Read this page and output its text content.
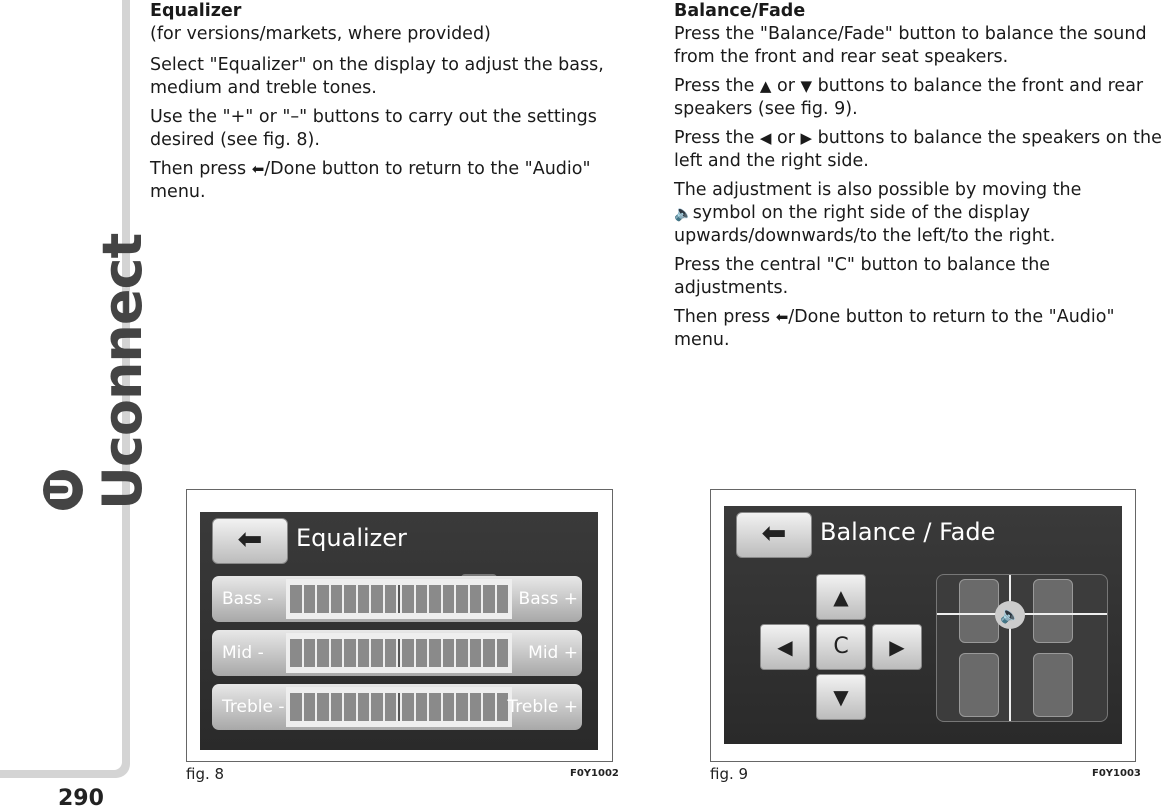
U Uconnect
290
Equalizer

(for versions/markets, where provided)

Select "Equalizer" on the display to adjust the bass, medium and treble tones.

Use the "+" or "–" buttons to carry out the settings desired (see fig. 8).

Then press ⬅/Done button to return to the "Audio" menu.

Balance/Fade

Press the "Balance/Fade" button to balance the sound from the front and rear seat speakers.

Press the ▲ or ▼ buttons to balance the front and rear speakers (see fig. 9).

Press the ◀ or ▶ buttons to balance the speakers on the left and the right side.

The adjustment is also possible by moving the
🔈symbol on the right side of the display upwards/downwards/to the left/to the right.

Press the central "C" button to balance the adjustments.

Then press ⬅/Done button to return to the "Audio" menu.

⬅	Equalizer
Bass -	Bass +
Mid -	Mid +
Treble -	Treble +
fig. 8	F0Y1002
⬅	Balance / Fade
▲
◀	C	▶
▼
🔈
fig. 9	F0Y1003
